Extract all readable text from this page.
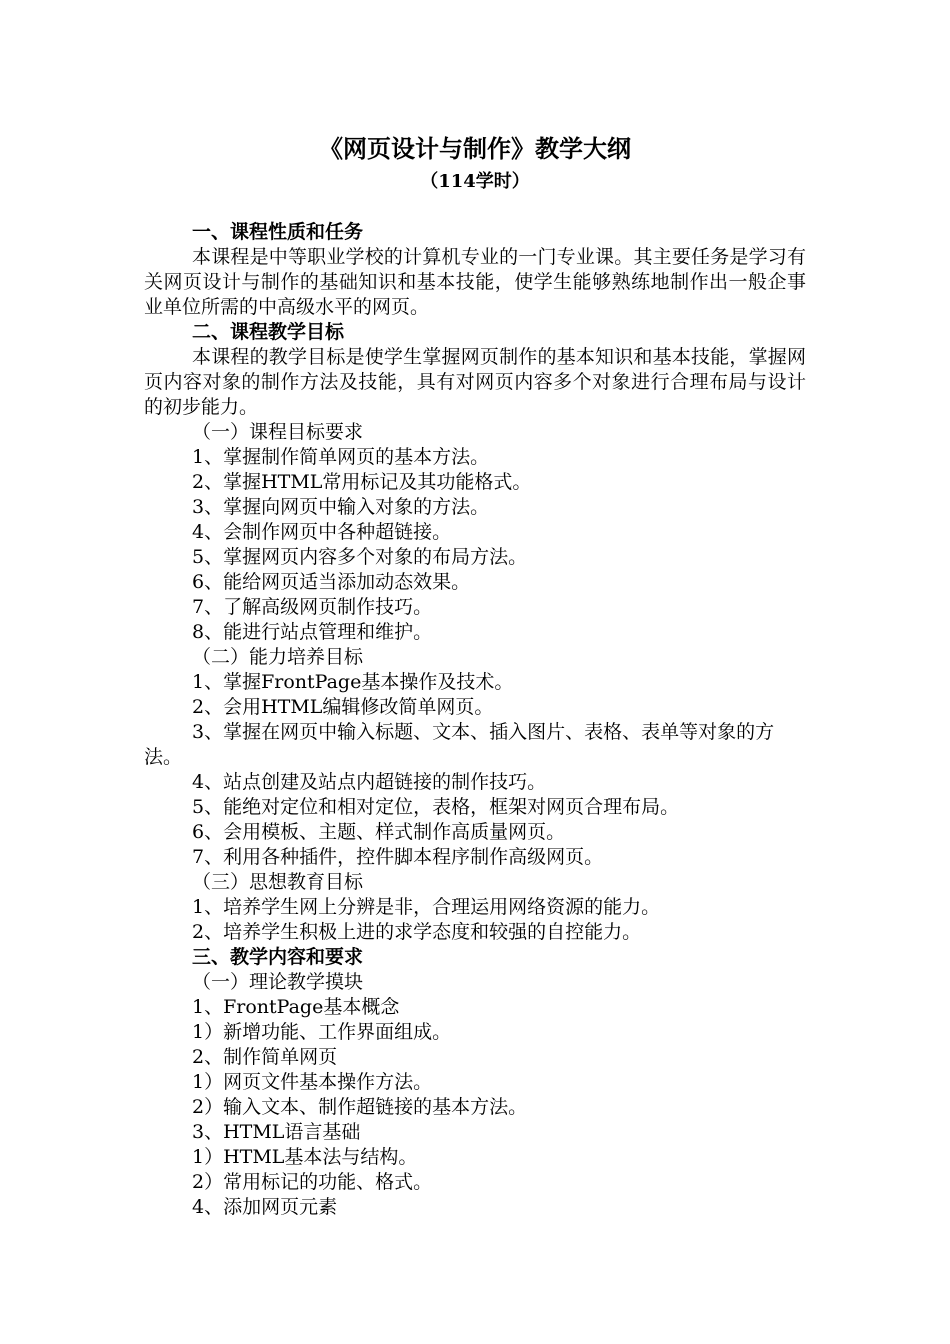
《网页设计与制作》教学大纲

（114学时）

一、课程性质和任务

本课程是中等职业学校的计算机专业的一门专业课。其主要任务是学习有关网页设计与制作的基础知识和基本技能，使学生能够熟练地制作出一般企事业单位所需的中高级水平的网页。

二、课程教学目标

本课程的教学目标是使学生掌握网页制作的基本知识和基本技能，掌握网页内容对象的制作方法及技能，具有对网页内容多个对象进行合理布局与设计的初步能力。

（一）课程目标要求

1、掌握制作简单网页的基本方法。

2、掌握HTML常用标记及其功能格式。

3、掌握向网页中输入对象的方法。

4、会制作网页中各种超链接。

5、掌握网页内容多个对象的布局方法。

6、能给网页适当添加动态效果。

7、了解高级网页制作技巧。

8、能进行站点管理和维护。

（二）能力培养目标

1、掌握FrontPage基本操作及技术。

2、会用HTML编辑修改简单网页。

3、掌握在网页中输入标题、文本、插入图片、表格、表单等对象的方法。

4、站点创建及站点内超链接的制作技巧。

5、能绝对定位和相对定位，表格，框架对网页合理布局。

6、会用模板、主题、样式制作高质量网页。

7、利用各种插件，控件脚本程序制作高级网页。

（三）思想教育目标

1、培养学生网上分辨是非，合理运用网络资源的能力。

2、培养学生积极上进的求学态度和较强的自控能力。

三、教学内容和要求

（一）理论教学摸块

1、FrontPage基本概念

1）新增功能、工作界面组成。

2、制作简单网页

1）网页文件基本操作方法。

2）输入文本、制作超链接的基本方法。

3、HTML语言基础

1）HTML基本法与结构。

2）常用标记的功能、格式。

4、添加网页元素
